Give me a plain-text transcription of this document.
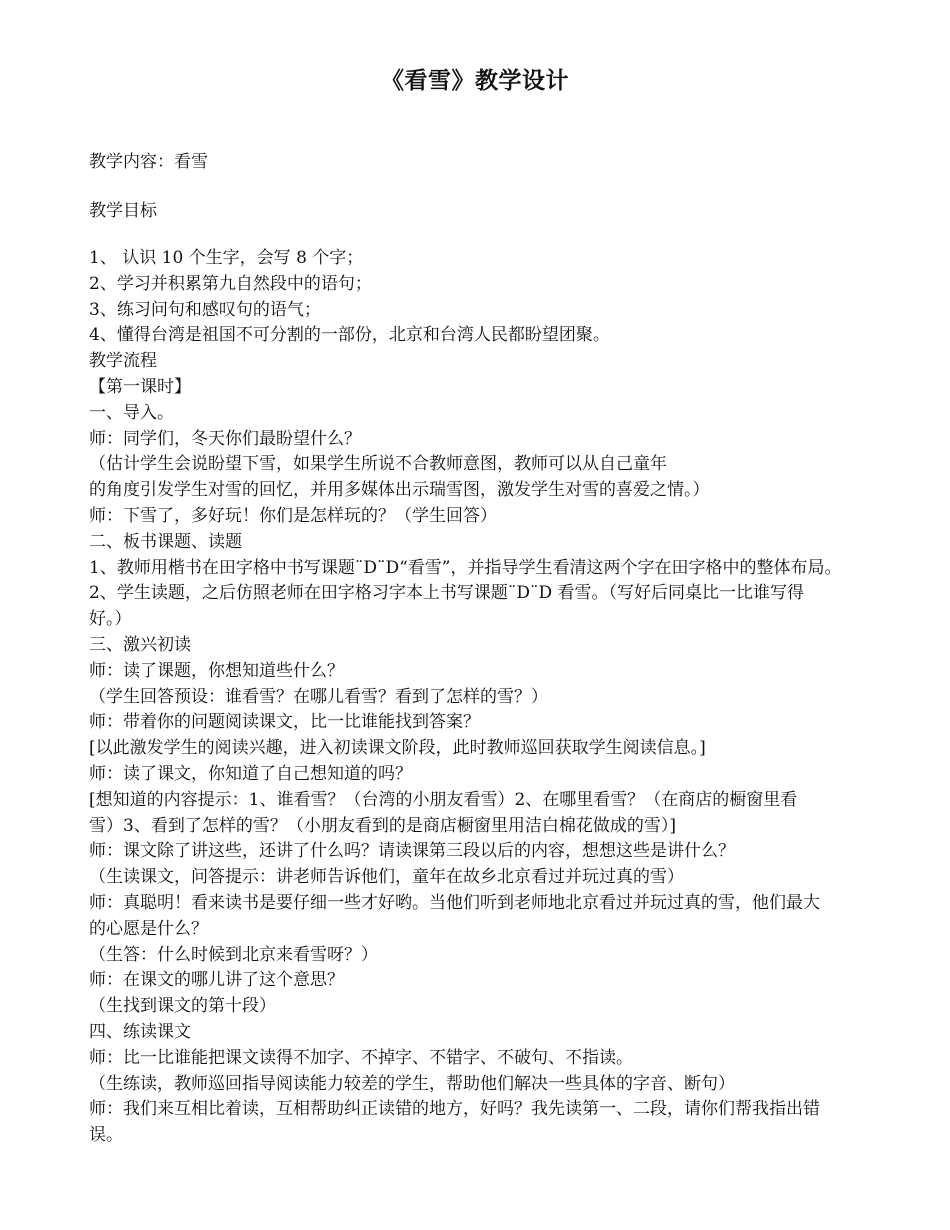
《看雪》教学设计

教学内容：看雪

教学目标

1、 认识 10 个生字，会写 8 个字；

2、学习并积累第九自然段中的语句；

3、练习问句和感叹句的语气；

4、懂得台湾是祖国不可分割的一部份，北京和台湾人民都盼望团聚。

教学流程

【第一课时】

一、导入。

师：同学们，冬天你们最盼望什么？

（估计学生会说盼望下雪，如果学生所说不合教师意图，教师可以从自己童年

的角度引发学生对雪的回忆，并用多媒体出示瑞雪图，激发学生对雪的喜爱之情。）

师：下雪了，多好玩！你们是怎样玩的？（学生回答）

二、板书课题、读题

1、教师用楷书在田字格中书写课题¨D¨D“看雪”，并指导学生看清这两个字在田字格中的整体布局。

2、学生读题，之后仿照老师在田字格习字本上书写课题¨D¨D 看雪。（写好后同桌比一比谁写得

好。）

三、激兴初读

师：读了课题，你想知道些什么？

（学生回答预设：谁看雪？在哪儿看雪？看到了怎样的雪？）

师：带着你的问题阅读课文，比一比谁能找到答案？

[以此激发学生的阅读兴趣，进入初读课文阶段，此时教师巡回获取学生阅读信息。]

师：读了课文，你知道了自己想知道的吗？

[想知道的内容提示：1、谁看雪？（台湾的小朋友看雪）2、在哪里看雪？（在商店的橱窗里看

雪）3、看到了怎样的雪？（小朋友看到的是商店橱窗里用洁白棉花做成的雪）]

师：课文除了讲这些，还讲了什么吗？请读课第三段以后的内容，想想这些是讲什么？

（生读课文，问答提示：讲老师告诉他们，童年在故乡北京看过并玩过真的雪）

师：真聪明！看来读书是要仔细一些才好哟。当他们听到老师地北京看过并玩过真的雪，他们最大

的心愿是什么？

（生答：什么时候到北京来看雪呀？）

师：在课文的哪儿讲了这个意思？

（生找到课文的第十段）

四、练读课文

师：比一比谁能把课文读得不加字、不掉字、不错字、不破句、不指读。

（生练读，教师巡回指导阅读能力较差的学生，帮助他们解决一些具体的字音、断句）

师：我们来互相比着读，互相帮助纠正读错的地方，好吗？我先读第一、二段，请你们帮我指出错

误。
